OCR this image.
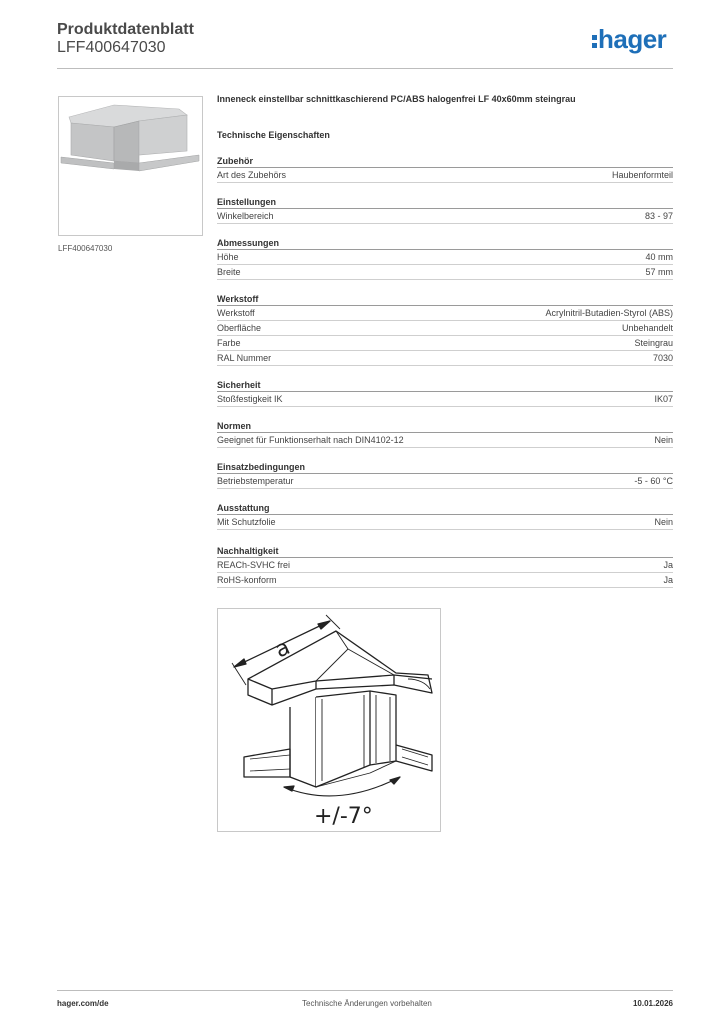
Produktdatenblatt
LFF400647030	hager
LFF400647030
Inneneck einstellbar schnittkaschierend PC/ABS halogenfrei LF 40x60mm steingrau
Technische Eigenschaften
Zubehör
Art des Zubehörs	Haubenformteil
Einstellungen
Winkelbereich	83 - 97
Abmessungen
Höhe	40 mm
Breite	57 mm
Werkstoff
Werkstoff	Acrylnitril-Butadien-Styrol (ABS)
Oberfläche	Unbehandelt
Farbe	Steingrau
RAL Nummer	7030
Sicherheit
Stoßfestigkeit IK	IK07
Normen
Geeignet für Funktionserhalt nach DIN4102-12	Nein
Einsatzbedingungen
Betriebstemperatur	-5 - 60 °C
Ausstattung
Mit Schutzfolie	Nein
Nachhaltigkeit
REACh-SVHC frei	Ja
RoHS-konform	Ja
a
+/-7°
hager.com/de	Technische Änderungen vorbehalten	10.01.2026
